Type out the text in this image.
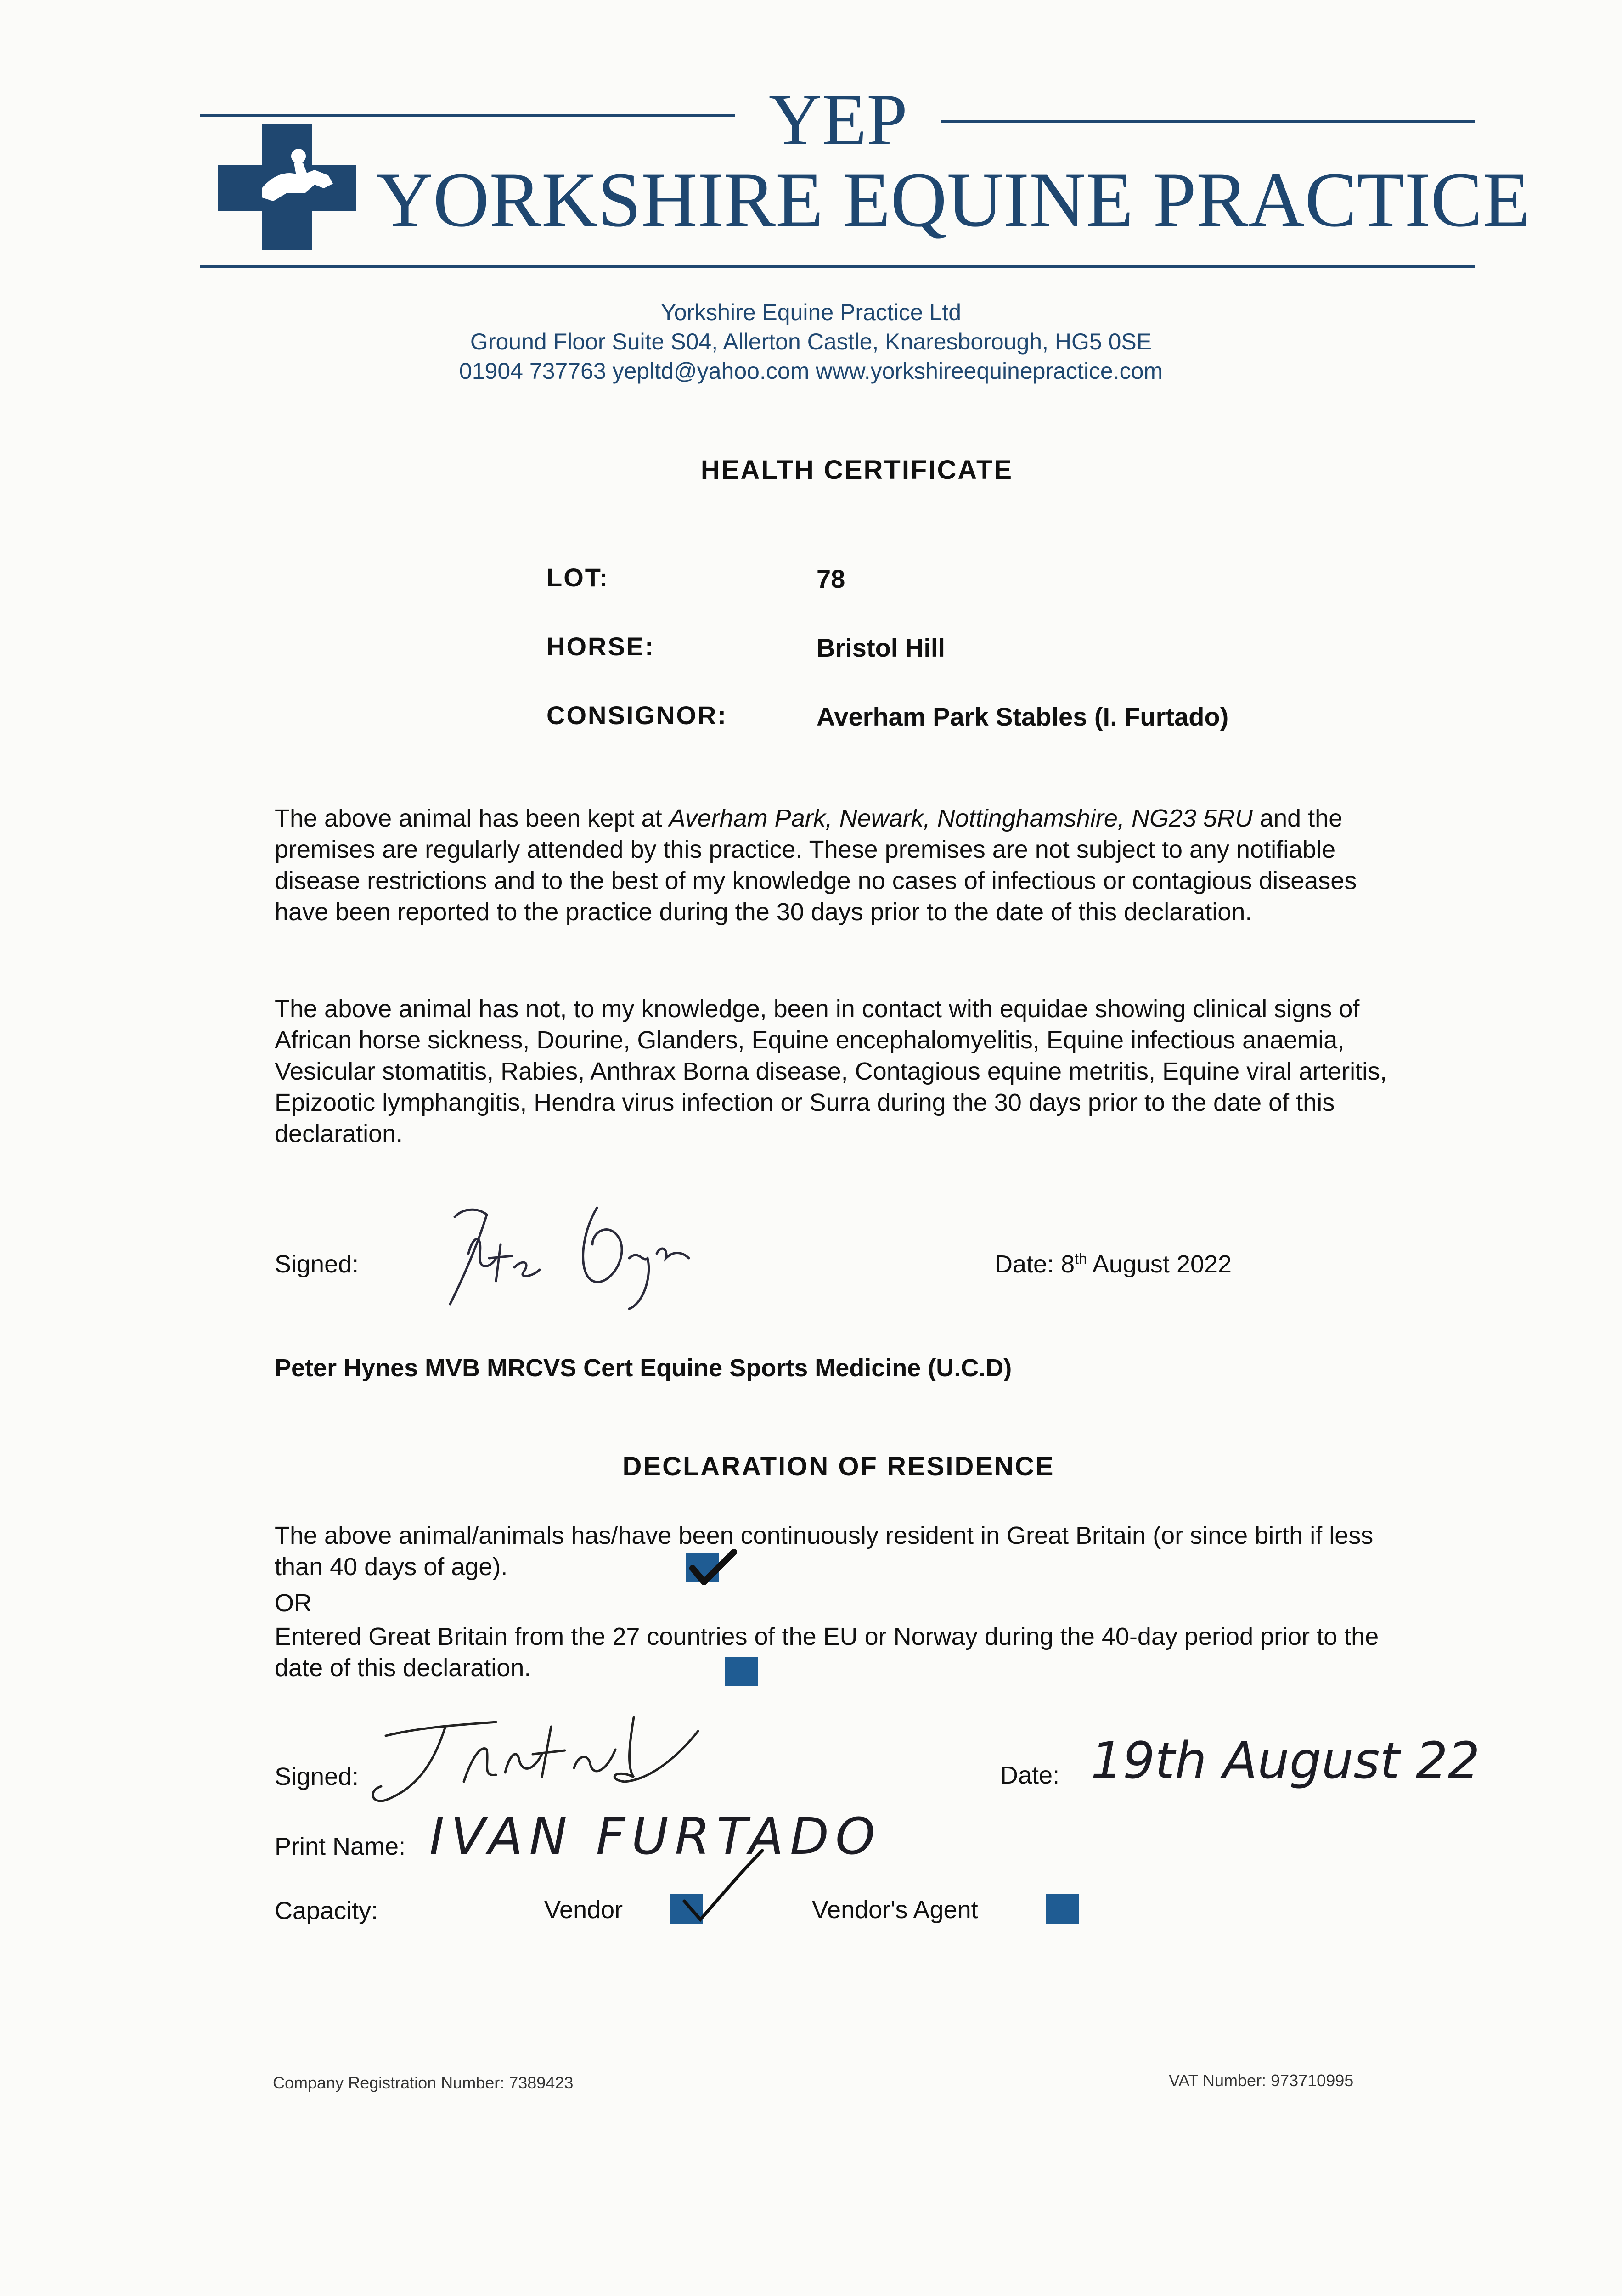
YEP
YORKSHIRE EQUINE PRACTICE
Yorkshire Equine Practice Ltd
Ground Floor Suite S04, Allerton Castle, Knaresborough, HG5 0SE
01904 737763 yepltd@yahoo.com www.yorkshireequinepractice.com
HEALTH CERTIFICATE
LOT:	78
HORSE:	Bristol Hill
CONSIGNOR:	Averham Park Stables (I. Furtado)
The above animal has been kept at Averham Park, Newark, Nottinghamshire, NG23 5RU and the premises are regularly attended by this practice. These premises are not subject to any notifiable disease restrictions and to the best of my knowledge no cases of infectious or contagious diseases have been reported to the practice during the 30 days prior to the date of this declaration.
The above animal has not, to my knowledge, been in contact with equidae showing clinical signs of African horse sickness, Dourine, Glanders, Equine encephalomyelitis, Equine infectious anaemia, Vesicular stomatitis, Rabies, Anthrax Borna disease, Contagious equine metritis, Equine viral arteritis, Epizootic lymphangitis, Hendra virus infection or Surra during the 30 days prior to the date of this declaration.
Signed:	Date: 8th August 2022
Peter Hynes MVB MRCVS Cert Equine Sports Medicine (U.C.D)
DECLARATION OF RESIDENCE
The above animal/animals has/have been continuously resident in Great Britain (or since birth if less than 40 days of age).
OR
Entered Great Britain from the 27 countries of the EU or Norway during the 40-day period prior to the date of this declaration.
Signed:
Print Name: IVAN FURTADO
Date: 19th August 22
Capacity:	Vendor	Vendor's Agent
Company Registration Number: 7389423	VAT Number: 973710995
